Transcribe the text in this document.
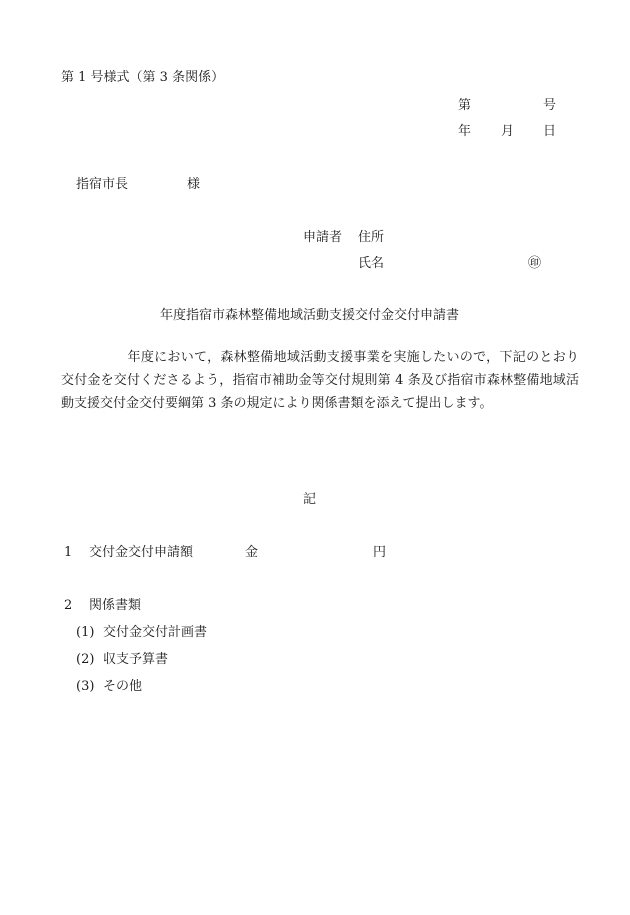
第 1 号様式（第 3 条関係）
第	号
年 月 日
指宿市長	様
申請者 住所
氏名	㊞
年度指宿市森林整備地域活動支援交付金交付申請書

　　　　　年度において，森林整備地域活動支援事業を実施したいので，下記のとおり交付金を交付くださるよう，指宿市補助金等交付規則第 4 条及び指宿市森林整備地域活動支援交付金交付要綱第 3 条の規定により関係書類を添えて提出します。

記
1 交付金交付申請額	金	円
2 関係書類
(1) 交付金交付計画書
(2) 収支予算書
(3) その他
